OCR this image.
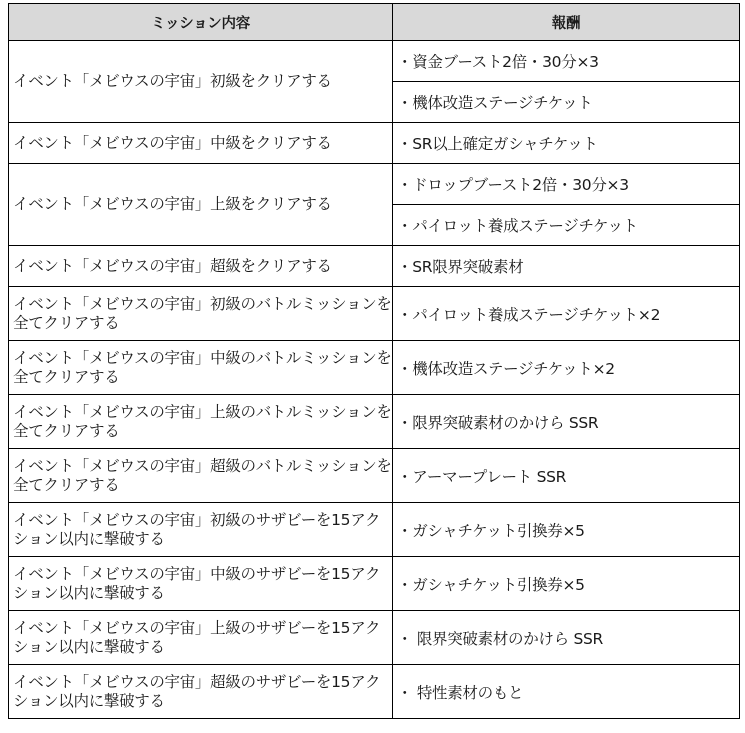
ミッション内容	報酬
イベント「メビウスの宇宙」初級をクリアする	・資金ブースト2倍・30分×3
	・機体改造ステージチケット
イベント「メビウスの宇宙」中級をクリアする	・SR以上確定ガシャチケット
イベント「メビウスの宇宙」上級をクリアする	・ドロップブースト2倍・30分×3
	・パイロット養成ステージチケット
イベント「メビウスの宇宙」超級をクリアする	・SR限界突破素材
イベント「メビウスの宇宙」初級のバトルミッションを全てクリアする	・パイロット養成ステージチケット×2
イベント「メビウスの宇宙」中級のバトルミッションを全てクリアする	・機体改造ステージチケット×2
イベント「メビウスの宇宙」上級のバトルミッションを全てクリアする	・限界突破素材のかけら SSR
イベント「メビウスの宇宙」超級のバトルミッションを全てクリアする	・アーマープレート SSR
イベント「メビウスの宇宙」初級のサザビーを15アクション以内に撃破する	・ガシャチケット引換券×5
イベント「メビウスの宇宙」中級のサザビーを15アクション以内に撃破する	・ガシャチケット引換券×5
イベント「メビウスの宇宙」上級のサザビーを15アクション以内に撃破する	・ 限界突破素材のかけら SSR
イベント「メビウスの宇宙」超級のサザビーを15アクション以内に撃破する	・ 特性素材のもと
